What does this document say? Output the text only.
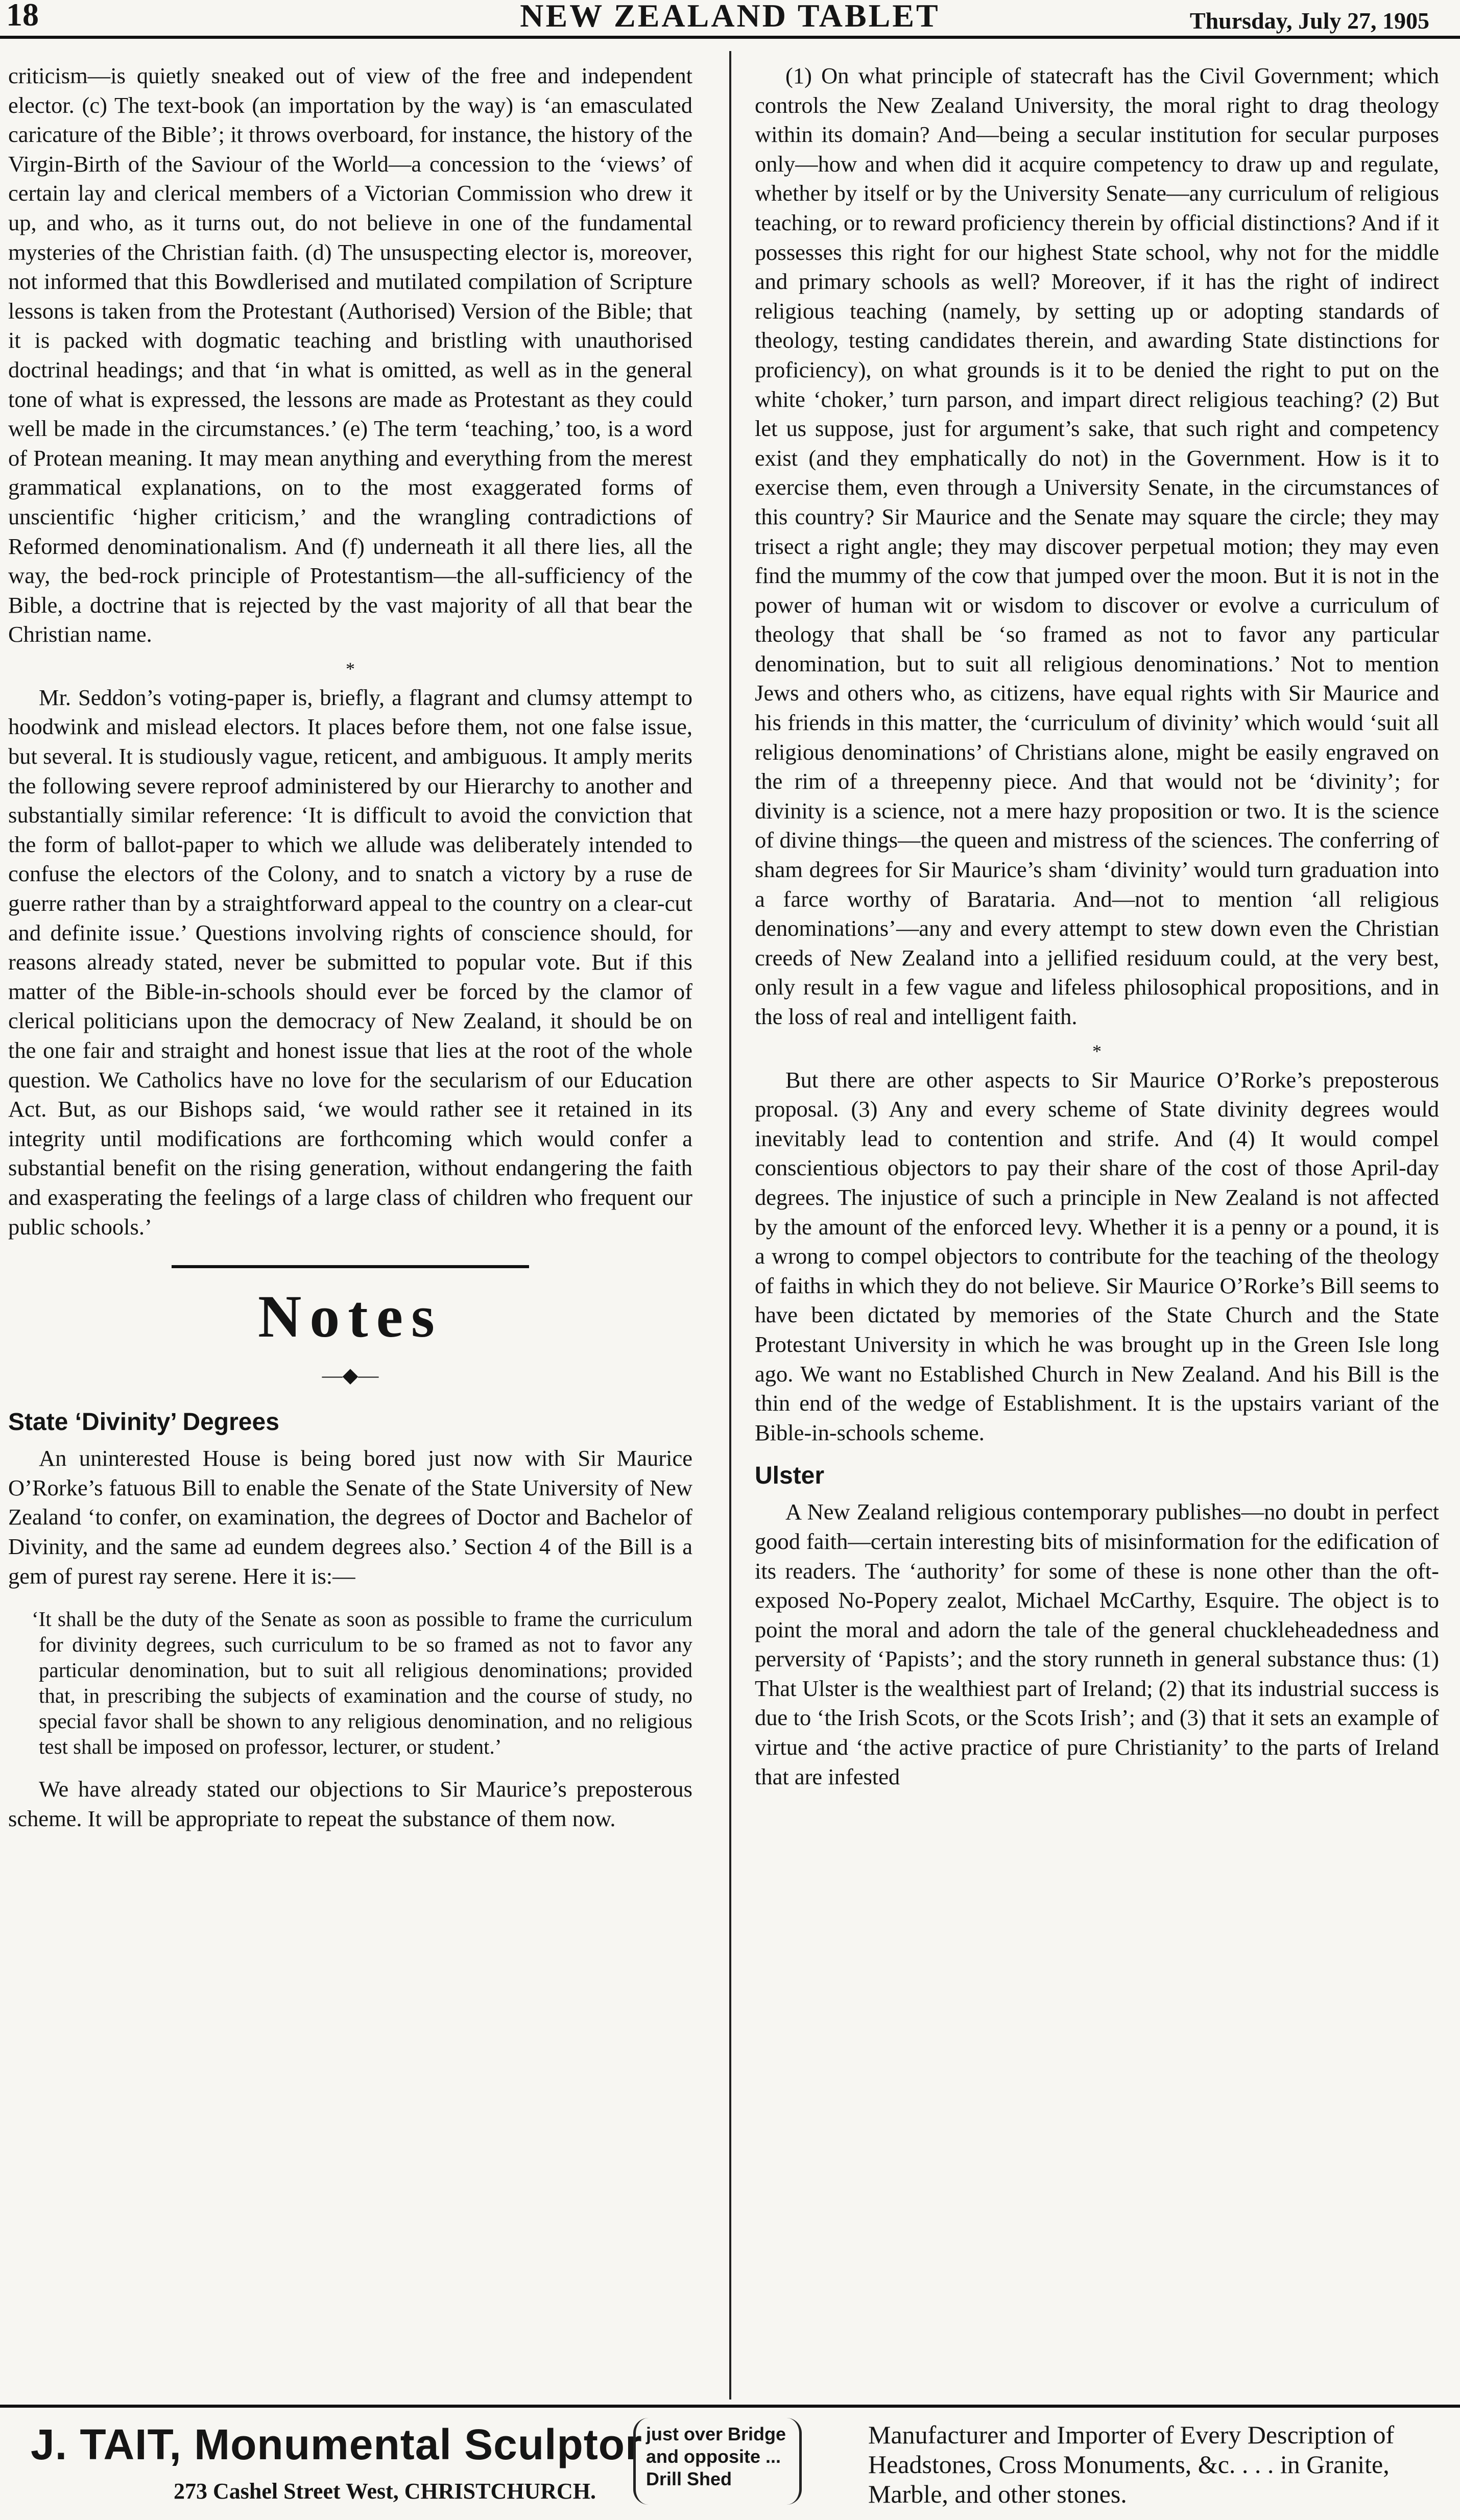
18	NEW ZEALAND TABLET	Thursday, July 27, 1905

criticism—is quietly sneaked out of view of the free and independent elector. (c) The text-book (an importation by the way) is ‘an emasculated caricature of the Bible’; it throws overboard, for instance, the history of the Virgin-Birth of the Saviour of the World—a concession to the ‘views’ of certain lay and clerical members of a Victorian Commission who drew it up, and who, as it turns out, do not believe in one of the fundamental mysteries of the Christian faith. (d) The unsuspecting elector is, moreover, not informed that this Bowdlerised and mutilated compilation of Scripture lessons is taken from the Protestant (Authorised) Version of the Bible; that it is packed with dogmatic teaching and bristling with unauthorised doctrinal headings; and that ‘in what is omitted, as well as in the general tone of what is expressed, the lessons are made as Protestant as they could well be made in the circumstances.’ (e) The term ‘teaching,’ too, is a word of Protean meaning. It may mean anything and everything from the merest grammatical explanations, on to the most exaggerated forms of unscientific ‘higher criticism,’ and the wrangling contradictions of Reformed denominationalism. And (f) underneath it all there lies, all the way, the bed-rock principle of Protestantism—the all-sufficiency of the Bible, a doctrine that is rejected by the vast majority of all that bear the Christian name.

*

Mr. Seddon’s voting-paper is, briefly, a flagrant and clumsy attempt to hoodwink and mislead electors. It places before them, not one false issue, but several. It is studiously vague, reticent, and ambiguous. It amply merits the following severe reproof administered by our Hierarchy to another and substantially similar reference: ‘It is difficult to avoid the conviction that the form of ballot-paper to which we allude was deliberately intended to confuse the electors of the Colony, and to snatch a victory by a ruse de guerre rather than by a straightforward appeal to the country on a clear-cut and definite issue.’ Questions involving rights of conscience should, for reasons already stated, never be submitted to popular vote. But if this matter of the Bible-in-schools should ever be forced by the clamor of clerical politicians upon the democracy of New Zealand, it should be on the one fair and straight and honest issue that lies at the root of the whole question. We Catholics have no love for the secularism of our Education Act. But, as our Bishops said, ‘we would rather see it retained in its integrity until modifications are forthcoming which would confer a substantial benefit on the rising generation, without endangering the faith and exasperating the feelings of a large class of children who frequent our public schools.’

Notes
—◆—
State ‘Divinity’ Degrees

An uninterested House is being bored just now with Sir Maurice O’Rorke’s fatuous Bill to enable the Senate of the State University of New Zealand ‘to confer, on examination, the degrees of Doctor and Bachelor of Divinity, and the same ad eundem degrees also.’ Section 4 of the Bill is a gem of purest ray serene. Here it is:—

‘It shall be the duty of the Senate as soon as possible to frame the curriculum for divinity degrees, such curriculum to be so framed as not to favor any particular denomination, but to suit all religious denominations; provided that, in prescribing the subjects of examination and the course of study, no special favor shall be shown to any religious denomination, and no religious test shall be imposed on professor, lecturer, or student.’

We have already stated our objections to Sir Maurice’s preposterous scheme. It will be appropriate to repeat the substance of them now.

(1) On what principle of statecraft has the Civil Government; which controls the New Zealand University, the moral right to drag theology within its domain? And—being a secular institution for secular purposes only—how and when did it acquire competency to draw up and regulate, whether by itself or by the University Senate—any curriculum of religious teaching, or to reward proficiency therein by official distinctions? And if it possesses this right for our highest State school, why not for the middle and primary schools as well? Moreover, if it has the right of indirect religious teaching (namely, by setting up or adopting standards of theology, testing candidates therein, and awarding State distinctions for proficiency), on what grounds is it to be denied the right to put on the white ‘choker,’ turn parson, and impart direct religious teaching? (2) But let us suppose, just for argument’s sake, that such right and competency exist (and they emphatically do not) in the Government. How is it to exercise them, even through a University Senate, in the circumstances of this country? Sir Maurice and the Senate may square the circle; they may trisect a right angle; they may discover perpetual motion; they may even find the mummy of the cow that jumped over the moon. But it is not in the power of human wit or wisdom to discover or evolve a curriculum of theology that shall be ‘so framed as not to favor any particular denomination, but to suit all religious denominations.’ Not to mention Jews and others who, as citizens, have equal rights with Sir Maurice and his friends in this matter, the ‘curriculum of divinity’ which would ‘suit all religious denominations’ of Christians alone, might be easily engraved on the rim of a threepenny piece. And that would not be ‘divinity’; for divinity is a science, not a mere hazy proposition or two. It is the science of divine things—the queen and mistress of the sciences. The conferring of sham degrees for Sir Maurice’s sham ‘divinity’ would turn graduation into a farce worthy of Barataria. And—not to mention ‘all religious denominations’—any and every attempt to stew down even the Christian creeds of New Zealand into a jellified residuum could, at the very best, only result in a few vague and lifeless philosophical propositions, and in the loss of real and intelligent faith.

*

But there are other aspects to Sir Maurice O’Rorke’s preposterous proposal. (3) Any and every scheme of State divinity degrees would inevitably lead to contention and strife. And (4) It would compel conscientious objectors to pay their share of the cost of those April-day degrees. The injustice of such a principle in New Zealand is not affected by the amount of the enforced levy. Whether it is a penny or a pound, it is a wrong to compel objectors to contribute for the teaching of the theology of faiths in which they do not believe. Sir Maurice O’Rorke’s Bill seems to have been dictated by memories of the State Church and the State Protestant University in which he was brought up in the Green Isle long ago. We want no Established Church in New Zealand. And his Bill is the thin end of the wedge of Establishment. It is the upstairs variant of the Bible-in-schools scheme.

Ulster

A New Zealand religious contemporary publishes—no doubt in perfect good faith—certain interesting bits of misinformation for the edification of its readers. The ‘authority’ for some of these is none other than the oft-exposed No-Popery zealot, Michael McCarthy, Esquire. The object is to point the moral and adorn the tale of the general chuckleheadedness and perversity of ‘Papists’; and the story runneth in general substance thus: (1) That Ulster is the wealthiest part of Ireland; (2) that its industrial success is due to ‘the Irish Scots, or the Scots Irish’; and (3) that it sets an example of virtue and ‘the active practice of pure Christianity’ to the parts of Ireland that are infested

J. TAIT, Monumental Sculptor
273 Cashel Street West, CHRISTCHURCH.
just over Bridge and opposite ... Drill Shed
Manufacturer and Importer of Every Description of Headstones, Cross Monuments, &c. . . . in Granite, Marble, and other stones.
